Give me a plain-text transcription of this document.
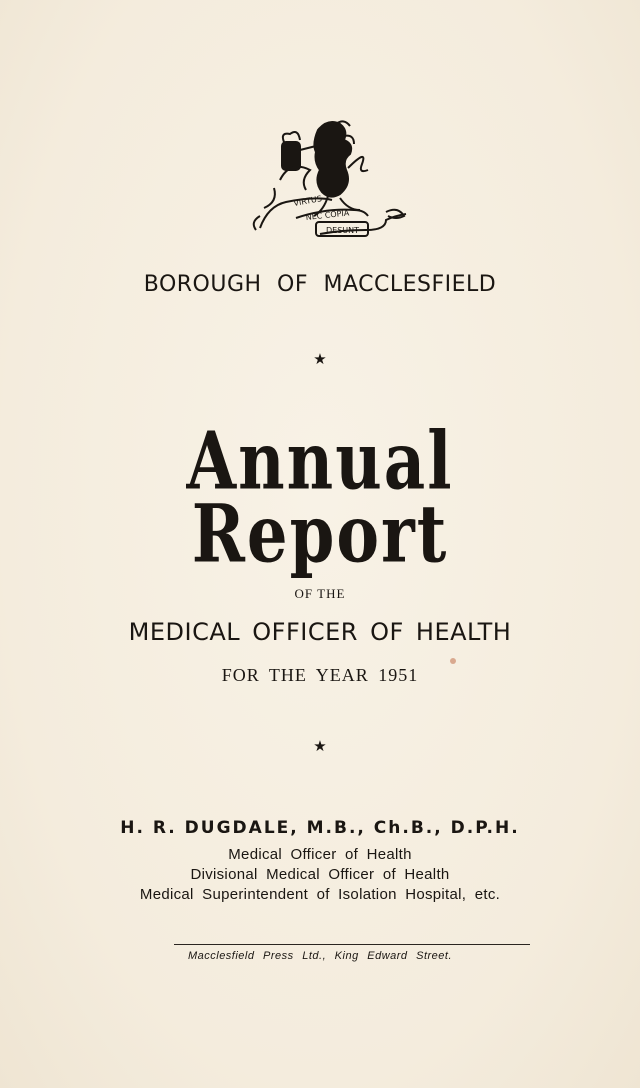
VIRTUS
NEC COPIA
DESUNT
BOROUGH OF MACCLESFIELD
★
Annual
Report
OF THE
MEDICAL OFFICER OF HEALTH
FOR THE YEAR 1951
★
H. R. DUGDALE, M.B., Ch.B., D.P.H.
Medical Officer of Health
Divisional Medical Officer of Health
Medical Superintendent of Isolation Hospital, etc.
Macclesfield Press Ltd., King Edward Street.
